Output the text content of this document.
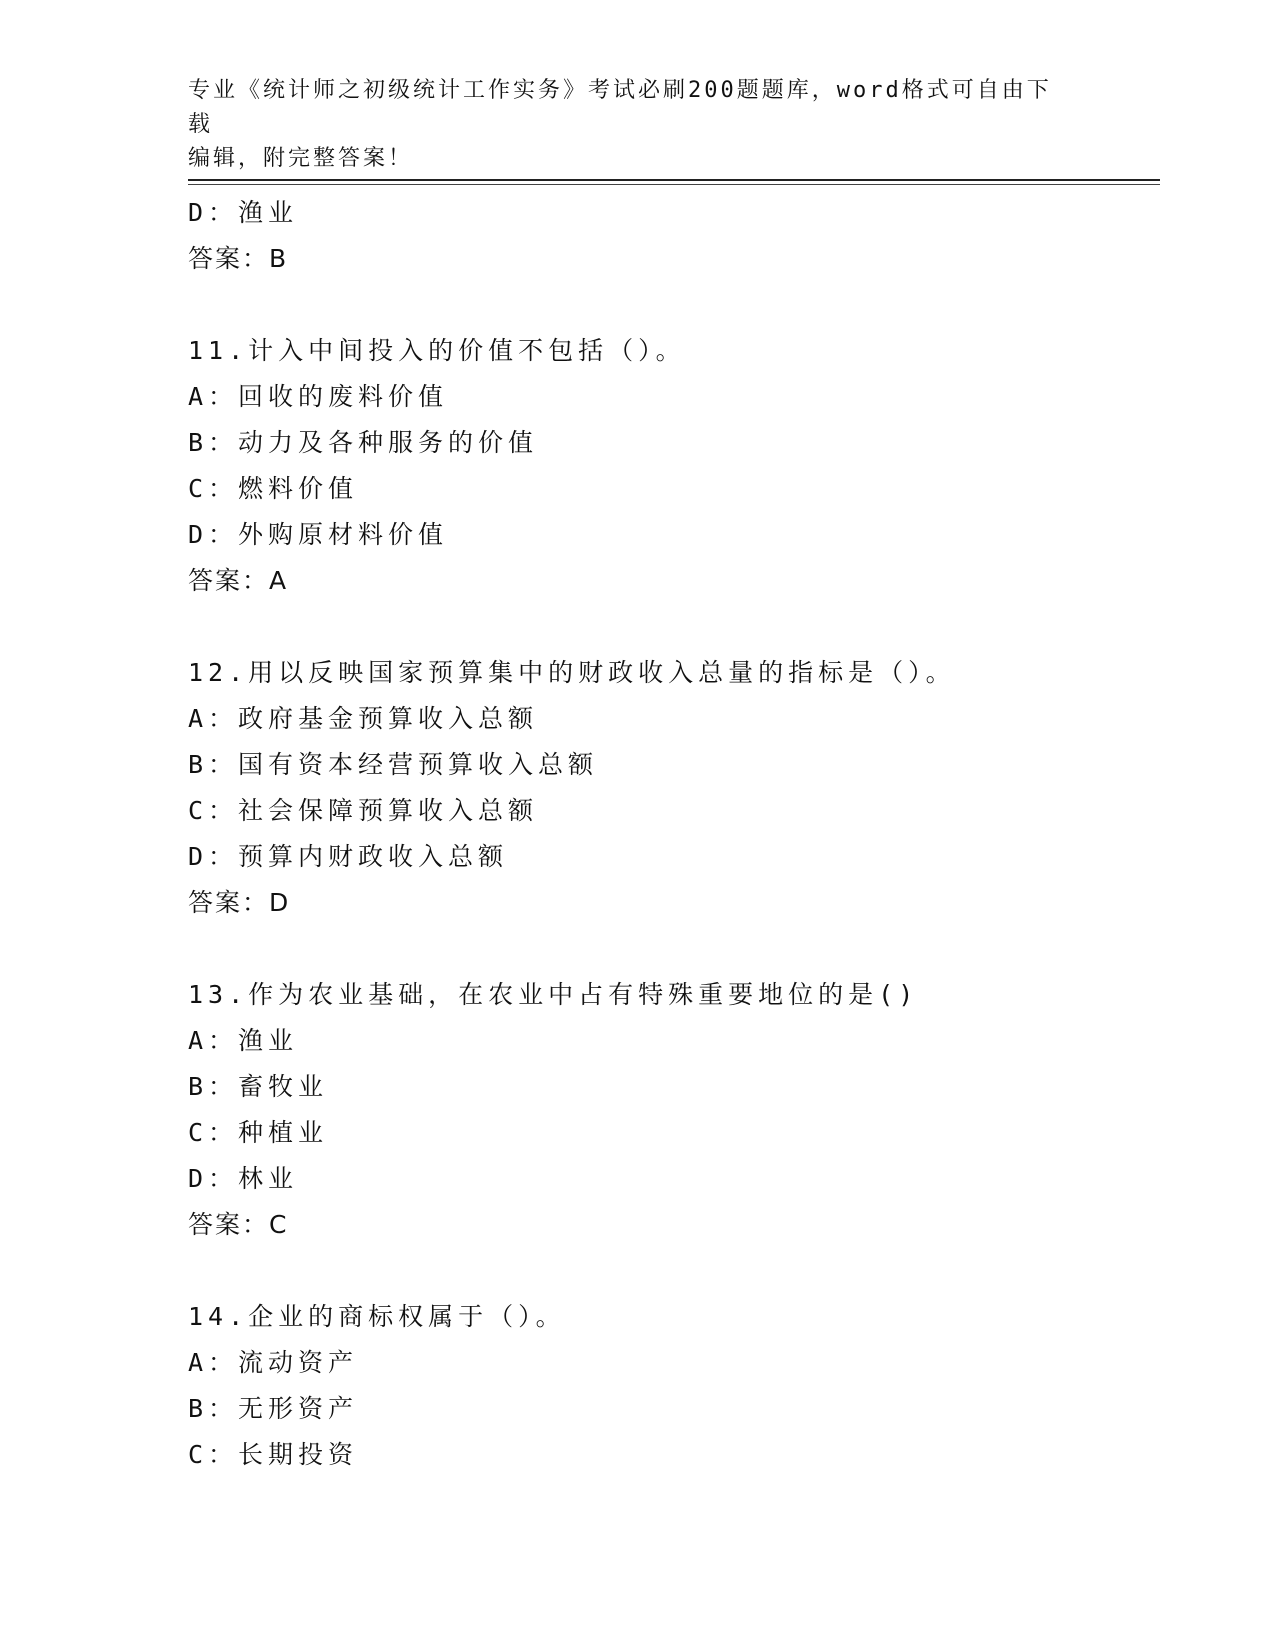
专业《统计师之初级统计工作实务》考试必刷200题题库，word格式可自由下载
编辑，附完整答案！
D：渔业
答案：B
11.计入中间投入的价值不包括（）。
A：回收的废料价值
B：动力及各种服务的价值
C：燃料价值
D：外购原材料价值
答案：A
12.用以反映国家预算集中的财政收入总量的指标是（）。
A：政府基金预算收入总额
B：国有资本经营预算收入总额
C：社会保障预算收入总额
D：预算内财政收入总额
答案：D
13.作为农业基础，在农业中占有特殊重要地位的是()
A：渔业
B：畜牧业
C：种植业
D：林业
答案：C
14.企业的商标权属于（）。
A：流动资产
B：无形资产
C：长期投资
